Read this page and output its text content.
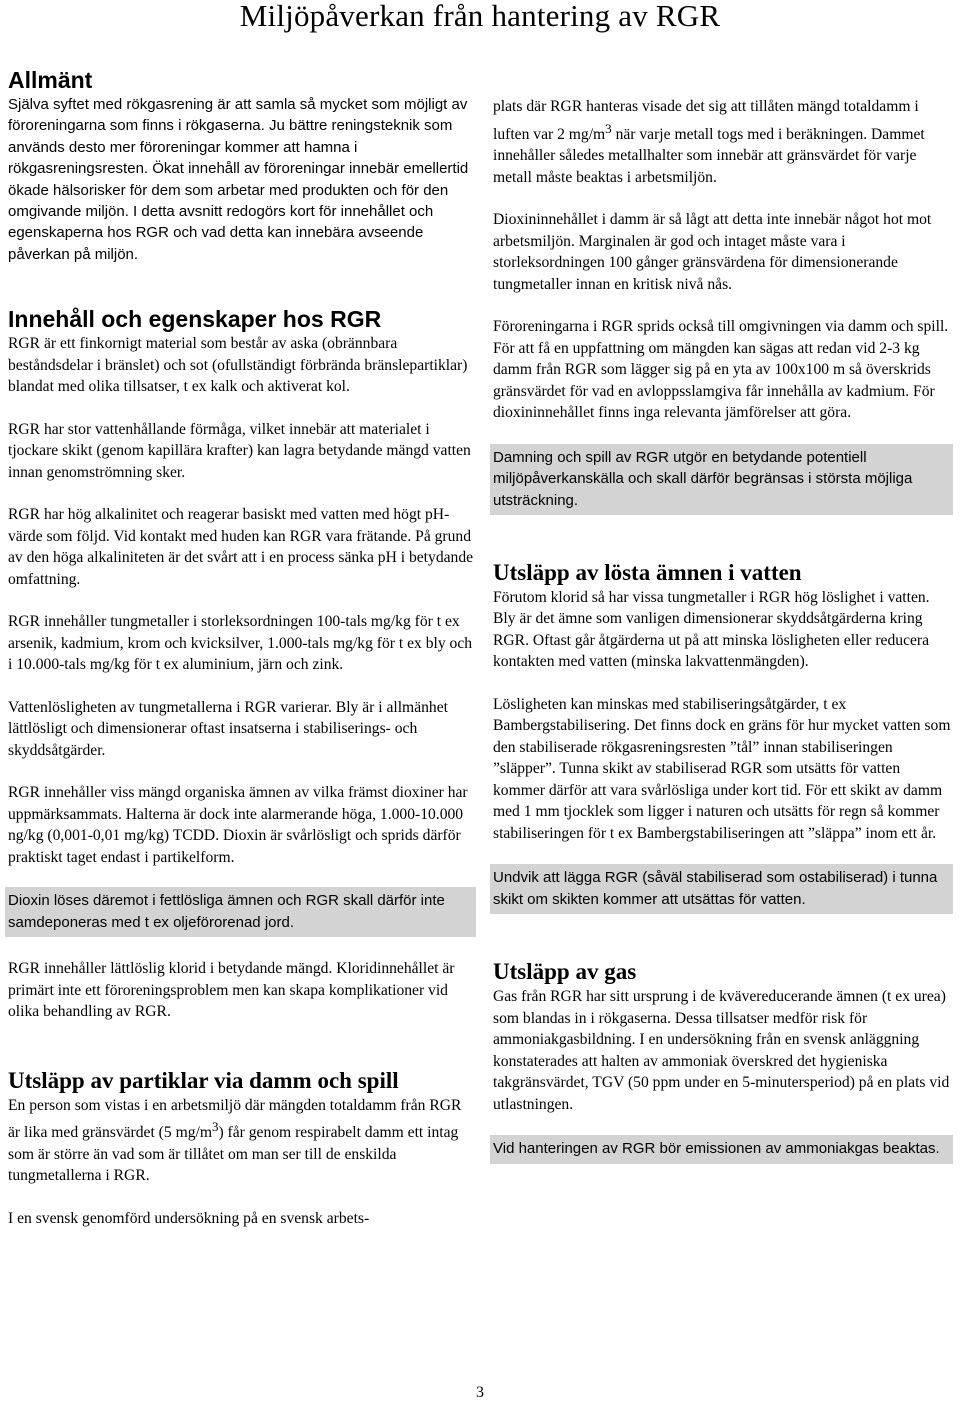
Miljöpåverkan från hantering av RGR
Allmänt

Själva syftet med rökgasrening är att samla så mycket som möjligt av föroreningarna som finns i rökgaserna. Ju bättre reningsteknik som används desto mer föroreningar kommer att hamna i rökgasreningsresten. Ökat innehåll av föroreningar innebär emellertid ökade hälsorisker för dem som arbetar med produkten och för den omgivande miljön. I detta avsnitt redogörs kort för innehållet och egenskaperna hos RGR och vad detta kan innebära avseende påverkan på miljön.

Innehåll och egenskaper hos RGR

RGR är ett finkornigt material som består av aska (obrännbara beståndsdelar i bränslet) och sot (ofullständigt förbrända bränslepartiklar) blandat med olika tillsatser, t ex kalk och aktiverat kol.

RGR har stor vattenhållande förmåga, vilket innebär att materialet i tjockare skikt (genom kapillära krafter) kan lagra betydande mängd vatten innan genomströmning sker.

RGR har hög alkalinitet och reagerar basiskt med vatten med högt pH-värde som följd. Vid kontakt med huden kan RGR vara frätande. På grund av den höga alkaliniteten är det svårt att i en process sänka pH i betydande omfattning.

RGR innehåller tungmetaller i storleksordningen 100-tals mg/kg för t ex arsenik, kadmium, krom och kvicksilver, 1.000-tals mg/kg för t ex bly och i 10.000-tals mg/kg för t ex aluminium, järn och zink.

Vattenlösligheten av tungmetallerna i RGR varierar. Bly är i allmänhet lättlösligt och dimensionerar oftast insatserna i stabiliserings- och skyddsåtgärder.

RGR innehåller viss mängd organiska ämnen av vilka främst dioxiner har uppmärksammats. Halterna är dock inte alarmerande höga, 1.000-10.000 ng/kg (0,001-0,01 mg/kg) TCDD. Dioxin är svårlösligt och sprids därför praktiskt taget endast i partikelform.

Dioxin löses däremot i fettlösliga ämnen och RGR skall därför inte samdeponeras med t ex oljeförorenad jord.

RGR innehåller lättlöslig klorid i betydande mängd. Kloridinnehållet är primärt inte ett föroreningsproblem men kan skapa komplikationer vid olika behandling av RGR.

Utsläpp av partiklar via damm och spill

En person som vistas i en arbetsmiljö där mängden totaldamm från RGR är lika med gränsvärdet (5 $mg/m^3$) får genom respirabelt damm ett intag som är större än vad som är tillåtet om man ser till de enskilda tungmetallerna i RGR.

I en svensk genomförd undersökning på en svensk arbets-

plats där RGR hanteras visade det sig att tillåten mängd totaldamm i luften var 2 $mg/m^3$ när varje metall togs med i beräkningen. Dammet innehåller således metallhalter som innebär att gränsvärdet för varje metall måste beaktas i arbetsmiljön.

Dioxininnehållet i damm är så lågt att detta inte innebär något hot mot arbetsmiljön. Marginalen är god och intaget måste vara i storleksordningen 100 gånger gränsvärdena för dimensionerande tungmetaller innan en kritisk nivå nås.

Föroreningarna i RGR sprids också till omgivningen via damm och spill. För att få en uppfattning om mängden kan sägas att redan vid 2-3 kg damm från RGR som lägger sig på en yta av 100x100 m så överskrids gränsvärdet för vad en avloppsslamgiva får innehålla av kadmium. För dioxininnehållet finns inga relevanta jämförelser att göra.

Damning och spill av RGR utgör en betydande potentiell miljöpåverkanskälla och skall därför begränsas i största möjliga utsträckning.

Utsläpp av lösta ämnen i vatten

Förutom klorid så har vissa tungmetaller i RGR hög löslighet i vatten. Bly är det ämne som vanligen dimensionerar skyddsåtgärderna kring RGR. Oftast går åtgärderna ut på att minska lösligheten eller reducera kontakten med vatten (minska lakvattenmängden).

Lösligheten kan minskas med stabiliseringsåtgärder, t ex Bambergstabilisering. Det finns dock en gräns för hur mycket vatten som den stabiliserade rökgasreningsresten ”tål” innan stabiliseringen ”släpper”. Tunna skikt av stabiliserad RGR som utsätts för vatten kommer därför att vara svårlösliga under kort tid. För ett skikt av damm med 1 mm tjocklek som ligger i naturen och utsätts för regn så kommer stabiliseringen för t ex Bambergstabiliseringen att ”släppa” inom ett år.

Undvik att lägga RGR (såväl stabiliserad som ostabiliserad) i tunna skikt om skikten kommer att utsättas för vatten.

Utsläpp av gas

Gas från RGR har sitt ursprung i de kvävereducerande ämnen (t ex urea) som blandas in i rökgaserna. Dessa tillsatser medför risk för ammoniakgasbildning. I en undersökning från en svensk anläggning konstaterades att halten av ammoniak överskred det hygieniska takgränsvärdet, TGV (50 ppm under en 5-minutersperiod) på en plats vid utlastningen.

Vid hanteringen av RGR bör emissionen av ammoniakgas beaktas.

3
